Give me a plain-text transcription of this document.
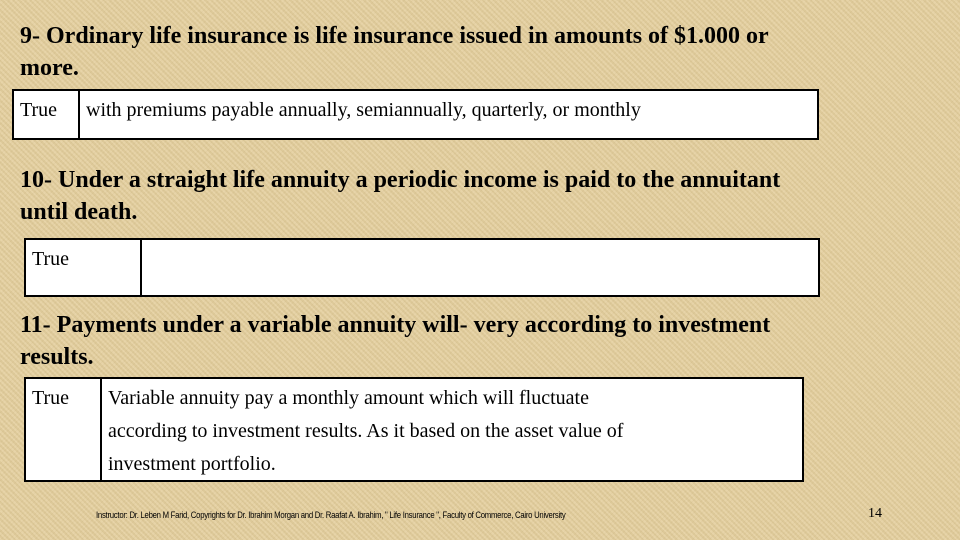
9- Ordinary life insurance is life insurance issued in amounts of $1.000 or
more.
True	with premiums payable annually, semiannually, quarterly, or monthly
10- Under a straight life annuity a periodic income is paid to the annuitant
until death.
True
11- Payments under a variable annuity will- very according to investment
results.
True	Variable annuity pay a monthly amount which will fluctuate
according to investment results. As it based on the asset value of
investment portfolio.
Instructor: Dr. Leben M Farid, Copyrights for Dr. Ibrahim Morgan and Dr. Raafat A. Ibrahim, " Life Insurance ", Faculty of Commerce, Cairo University	14
